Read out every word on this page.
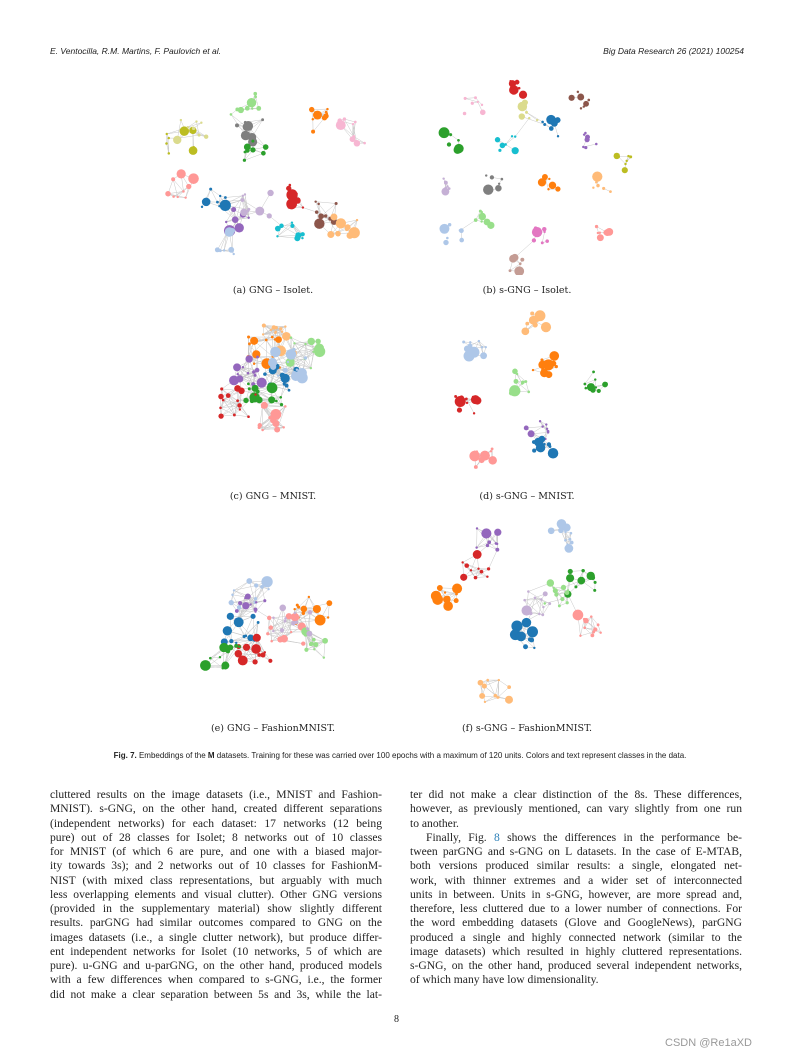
E. Ventocilla, R.M. Martins, F. Paulovich et al.	Big Data Research 26 (2021) 100254
(a) GNG – Isolet.	(b) s-GNG – Isolet.
(c) GNG – MNIST.	(d) s-GNG – MNIST.
(e) GNG – FashionMNIST.	(f) s-GNG – FashionMNIST.
Fig. 7. Embeddings of the M datasets. Training for these was carried over 100 epochs with a maximum of 120 units. Colors and text represent classes in the data.
cluttered results on the image datasets (i.e., MNIST and Fashion-
MNIST). s-GNG, on the other hand, created different separations
(independent networks) for each dataset: 17 networks (12 being
pure) out of 28 classes for Isolet; 8 networks out of 10 classes
for MNIST (of which 6 are pure, and one with a biased major-
ity towards 3s); and 2 networks out of 10 classes for FashionM-
NIST (with mixed class representations, but arguably with much
less overlapping elements and visual clutter). Other GNG versions
(provided in the supplementary material) show slightly different
results. parGNG had similar outcomes compared to GNG on the
images datasets (i.e., a single clutter network), but produce differ-
ent independent networks for Isolet (10 networks, 5 of which are
pure). u-GNG and u-parGNG, on the other hand, produced models
with a few differences when compared to s-GNG, i.e., the former
did not make a clear separation between 5s and 3s, while the lat-
ter did not make a clear distinction of the 8s. These differences,
however, as previously mentioned, can vary slightly from one run
to another.
Finally, Fig. 8 shows the differences in the performance be-
tween parGNG and s-GNG on L datasets. In the case of E-MTAB,
both versions produced similar results: a single, elongated net-
work, with thinner extremes and a wider set of interconnected
units in between. Units in s-GNG, however, are more spread and,
therefore, less cluttered due to a lower number of connections. For
the word embedding datasets (Glove and GoogleNews), parGNG
produced a single and highly connected network (similar to the
image datasets) which resulted in highly cluttered representations.
s-GNG, on the other hand, produced several independent networks,
of which many have low dimensionality.
8
CSDN @Re1aXD
